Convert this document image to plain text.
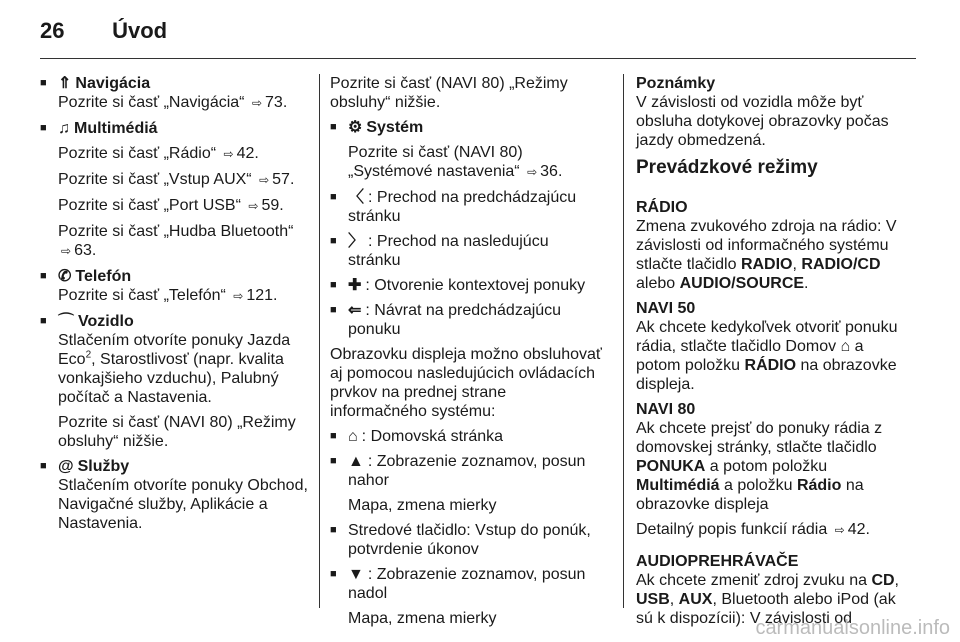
26 Úvod
■ ⇑ Navigácia
Pozrite si časť „Navigácia“ ⇨ 73.
■ ♫ Multimédiá
Pozrite si časť „Rádio“ ⇨ 42.
Pozrite si časť „Vstup AUX“ ⇨ 57.
Pozrite si časť „Port USB“ ⇨ 59.
Pozrite si časť „Hudba Bluetooth“ ⇨ 63.
■ ✆ Telefón
Pozrite si časť „Telefón“ ⇨ 121.
■ ⌒ Vozidlo
Stlačením otvoríte ponuky Jazda Eco$^2$, Starostlivosť (napr. kvalita vonkajšieho vzduchu), Palubný počítač a Nastavenia.
Pozrite si časť (NAVI 80) „Režimy obsluhy“ nižšie.
■ @ Služby
Stlačením otvoríte ponuky Obchod, Navigačné služby, Aplikácie a Nastavenia.
Pozrite si časť (NAVI 80) „Režimy obsluhy“ nižšie.
■ ⚙ Systém
Pozrite si časť (NAVI 80) „Systémové nastavenia“ ⇨ 36.
■ 〈 : Prechod na predchádzajúcu stránku
■ 〉 : Prechod na nasledujúcu stránku
■ ✚ : Otvorenie kontextovej ponuky
■ ⇐ : Návrat na predchádzajúcu ponuku
Obrazovku displeja možno obsluhovať aj pomocou nasledujúcich ovládacích prvkov na prednej strane informačného systému:
■ ⌂ : Domovská stránka
■ ▲ : Zobrazenie zoznamov, posun nahor
Mapa, zmena mierky
■ Stredové tlačidlo: Vstup do ponúk, potvrdenie úkonov
■ ▼ : Zobrazenie zoznamov, posun nadol
Mapa, zmena mierky
Poznámky
V závislosti od vozidla môže byť obsluha dotykovej obrazovky počas jazdy obmedzená.
Prevádzkové režimy
RÁDIO
Zmena zvukového zdroja na rádio: V závislosti od informačného systému stlačte tlačidlo RADIO, RADIO/CD alebo AUDIO/SOURCE.
NAVI 50
Ak chcete kedykoľvek otvoriť ponuku rádia, stlačte tlačidlo Domov ⌂ a potom položku RÁDIO na obrazovke displeja.
NAVI 80
Ak chcete prejsť do ponuky rádia z domovskej stránky, stlačte tlačidlo PONUKA a potom položku Multimédiá a položku Rádio na obrazovke displeja
Detailný popis funkcií rádia ⇨ 42.
AUDIOPREHRÁVAČE
Ak chcete zmeniť zdroj zvuku na CD, USB, AUX, Bluetooth alebo iPod (ak sú k dispozícii): V závislosti od
carmanualsonline.info
